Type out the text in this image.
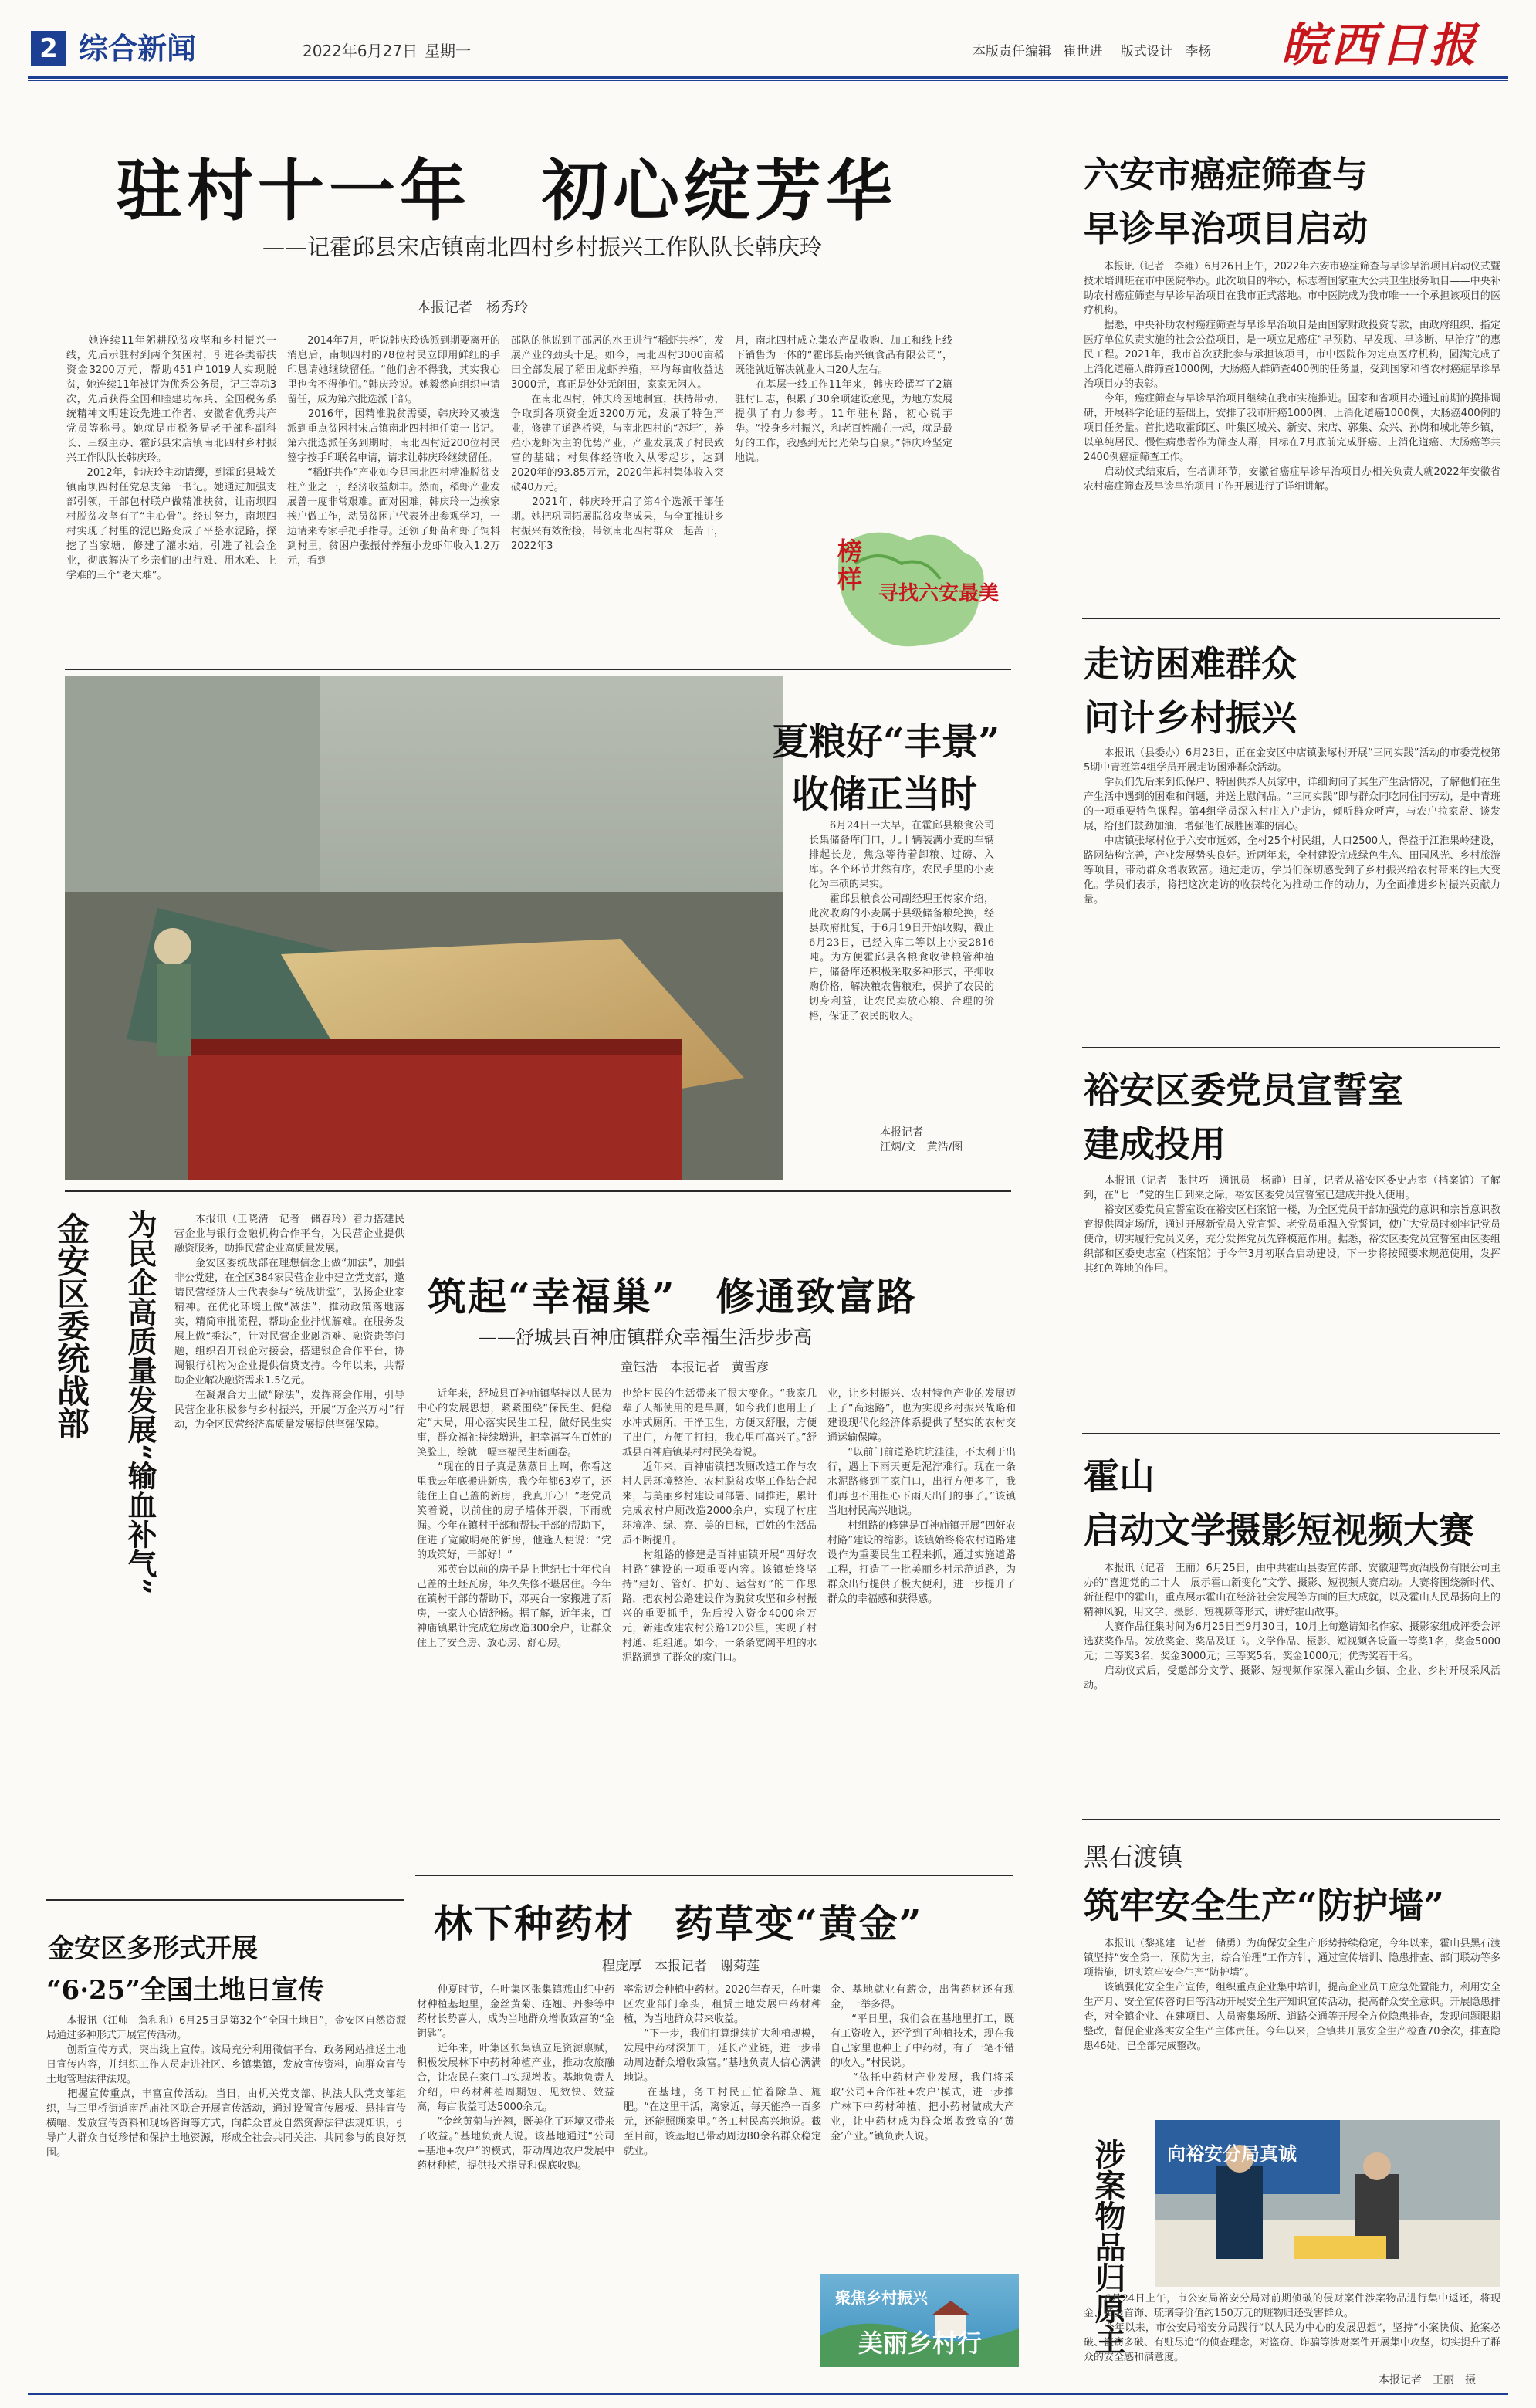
2 综合新闻	2022年6月27日 星期一	本版责任编辑 崔世进 版式设计 李杨 皖西日报
驻村十一年　初心绽芳华
——记霍邱县宋店镇南北四村乡村振兴工作队队长韩庆玲
本报记者　杨秀玲
　　她连续11年躬耕脱贫攻坚和乡村振兴一线，先后示驻村到两个贫困村，引进各类帮扶资金3200万元，帮助451户1019人实现脱贫，她连续11年被评为优秀公务员，记三等功3次，先后获得全国和睦建功标兵、全国税务系统精神文明建设先进工作者、安徽省优秀共产党员等称号。她就是市税务局老干部科副科长、三级主办、霍邱县宋店镇南北四村乡村振兴工作队队长韩庆玲。
　　2012年，韩庆玲主动请缨，到霍邱县城关镇南坝四村任党总支第一书记。她通过加强支部引领，干部包村联户做精准扶贫，让南坝四村脱贫攻坚有了“主心骨”。经过努力，南坝四村实现了村里的泥巴路变成了平整水泥路，探挖了当家塘，修建了灌水站，引进了社会企业，彻底解决了乡亲们的出行难、用水难、上学难的三个“老大难”。
　　2014年7月，听说韩庆玲选派到期要离开的消息后，南坝四村的78位村民立即用鲜红的手印恳请她继续留任。“他们舍不得我，其实我心里也舍不得他们。”韩庆玲说。她毅然向组织申请留任，成为第六批选派干部。
　　2016年，因精准脱贫需要，韩庆玲又被选派到重点贫困村宋店镇南北四村担任第一书记。第六批选派任务到期时，南北四村近200位村民签字按手印联名申请，请求让韩庆玲继续留任。
　　“稻虾共作”产业如今是南北四村精准脱贫支柱产业之一，经济收益颇丰。然而，稻虾产业发展曾一度非常艰难。面对困难，韩庆玲一边挨家挨户做工作，动员贫困户代表外出参观学习，一边请来专家手把手指导。还领了虾苗和虾子饲料到村里，贫困户张振付养殖小龙虾年收入1.2万元，看到
邵队的他说到了邵居的水田进行“稻虾共养”，发展产业的劲头十足。如今，南北四村3000亩稻田全部发展了稻田龙虾养殖，平均每亩收益达3000元，真正是处处无闲田，家家无闲人。
　　在南北四村，韩庆玲因地制宜，扶持带动、争取到各项资金近3200万元，发展了特色产业，修建了道路桥梁，与南北四村的“苏圩”，养殖小龙虾为主的优势产业，产业发展成了村民致富的基础；村集体经济收入从零起步，达到2020年的93.85万元，2020年起村集体收入突破40万元。
　　2021年，韩庆玲开启了第4个选派干部任期。她把巩固拓展脱贫攻坚成果，与全面推进乡村振兴有效衔接，带领南北四村群众一起苦干，2022年3
月，南北四村成立集农产品收购、加工和线上线下销售为一体的“霍邱县南兴镇食品有限公司”，既能就近解决就业人口20人左右。
　　在基层一线工作11年来，韩庆玲撰写了2篇驻村日志，积累了30余项建设意见，为地方发展提供了有力参考。11年驻村路，初心锐芋华。“投身乡村振兴，和老百姓融在一起，就是最好的工作，我感到无比光荣与自豪。”韩庆玲坚定地说。
榜样 寻找六安最美
夏粮好“丰景”
收储正当时
　　6月24日一大早，在霍邱县粮食公司长集储备库门口，几十辆装满小麦的车辆排起长龙，焦急等待着卸粮、过磅、入库。各个环节井然有序，农民手里的小麦化为丰硕的果实。
　　霍邱县粮食公司副经理王传家介绍，此次收购的小麦属于县级储备粮轮换，经县政府批复，于6月19日开始收购，截止6月23日，已经入库二等以上小麦2816吨。为方便霍邱县各粮食收储粮管种植户，储备库还积极采取多种形式，平抑收购价格，解决粮农售粮难，保护了农民的切身利益，让农民卖放心粮、合理的价格，保证了农民的收入。
本报记者
汪炳/文　黄浩/图
金安区委统战部 为民企高质量发展“输血补气”	　　本报讯（王晓清　记者　储春玲）着力搭建民营企业与银行金融机构合作平台，为民营企业提供融资服务，助推民营企业高质量发展。
　　金安区委统战部在理想信念上做“加法”，加强非公党建，在全区384家民营企业中建立党支部，邀请民营经济人士代表参与“统战讲堂”，弘扬企业家精神。在优化环境上做“减法”，推动政策落地落实，精简审批流程，帮助企业排忧解难。在服务发展上做“乘法”，针对民营企业融资难、融资贵等问题，组织召开银企对接会，搭建银企合作平台，协调银行机构为企业提供信贷支持。今年以来，共帮助企业解决融资需求1.5亿元。
　　在凝聚合力上做“除法”，发挥商会作用，引导民营企业积极参与乡村振兴，开展“万企兴万村”行动，为全区民营经济高质量发展提供坚强保障。
金安区多形式开展
“6·25”全国土地日宣传
　　本报讯（江帅　詹和和）6月25日是第32个“全国土地日”，金安区自然资源局通过多种形式开展宣传活动。
　　创新宣传方式，突出线上宣传。该局充分利用微信平台、政务网站推送土地日宣传内容，并组织工作人员走进社区、乡镇集镇，发放宣传资料，向群众宣传土地管理法律法规。
　　把握宣传重点，丰富宣传活动。当日，由机关党支部、执法大队党支部组织，与三里桥街道南岳庙社区联合开展宣传活动，通过设置宣传展板、悬挂宣传横幅、发放宣传资料和现场咨询等方式，向群众普及自然资源法律法规知识，引导广大群众自觉珍惜和保护土地资源，形成全社会共同关注、共同参与的良好氛围。
筑起“幸福巢”　修通致富路
——舒城县百神庙镇群众幸福生活步步高
童钰浩　本报记者　黄雪彦
　　近年来，舒城县百神庙镇坚持以人民为中心的发展思想，紧紧围绕“保民生、促稳定”大局，用心落实民生工程，做好民生实事，群众福祉持续增进，把幸福写在百姓的笑脸上，绘就一幅幸福民生新画卷。
　　“现在的日子真是蒸蒸日上啊，你看这里我去年底搬进新房，我今年都63岁了，还能住上自己盖的新房，我真开心！”老党员笑着说，以前住的房子墙体开裂，下雨就漏。今年在镇村干部和帮扶干部的帮助下，住进了宽敞明亮的新房，他逢人便说：“党的政策好，干部好！”
　　邓英台以前的房子是上世纪七十年代自己盖的土坯瓦房，年久失修不堪居住。今年在镇村干部的帮助下，邓英台一家搬进了新房，一家人心情舒畅。据了解，近年来，百神庙镇累计完成危房改造300余户，让群众住上了安全房、放心房、舒心房。
也给村民的生活带来了很大变化。“我家几辈子人都使用的是旱厕，如今我们也用上了水冲式厕所，干净卫生，方便又舒服，方便了出门，方便了打扫，我心里可高兴了。”舒城县百神庙镇某村村民笑着说。
　　近年来，百神庙镇把改厕改造工作与农村人居环境整治、农村脱贫攻坚工作结合起来，与美丽乡村建设同部署、同推进，累计完成农村户厕改造2000余户，实现了村庄环境净、绿、亮、美的目标，百姓的生活品质不断提升。
　　村组路的修建是百神庙镇开展“四好农村路”建设的一项重要内容。该镇始终坚持“建好、管好、护好、运营好”的工作思路，把农村公路建设作为脱贫攻坚和乡村振兴的重要抓手，先后投入资金4000余万元，新建改建农村公路120公里，实现了村村通、组组通。如今，一条条宽阔平坦的水泥路通到了群众的家门口。
业，让乡村振兴、农村特色产业的发展迈上了“高速路”，也为实现乡村振兴战略和建设现代化经济体系提供了坚实的农村交通运输保障。
　　“以前门前道路坑坑洼洼，不太利于出行，遇上下雨天更是泥泞难行。现在一条水泥路修到了家门口，出行方便多了，我们再也不用担心下雨天出门的事了。”该镇当地村民高兴地说。
　　村组路的修建是百神庙镇开展“四好农村路”建设的缩影。该镇始终将农村道路建设作为重要民生工程来抓，通过实施道路工程，打造了一批美丽乡村示范道路，为群众出行提供了极大便利，进一步提升了群众的幸福感和获得感。
林下种药材　药草变“黄金”
程庞厚　本报记者　谢菊莲
　　仲夏时节，在叶集区张集镇燕山红中药材种植基地里，金丝黄菊、连翘、丹参等中药材长势喜人，成为当地群众增收致富的“金钥匙”。
　　近年来，叶集区张集镇立足资源禀赋，积极发展林下中药材种植产业，推动农旅融合，让农民在家门口实现增收。基地负责人介绍，中药材种植周期短、见效快、效益高，每亩收益可达5000余元。
　　“金丝黄菊与连翘，既美化了环境又带来了收益。”基地负责人说。该基地通过“公司+基地+农户”的模式，带动周边农户发展中药材种植，提供技术指导和保底收购。
率常迈会种植中药材。2020年春天，在叶集区农业部门牵头，租赁土地发展中药材种植，为当地群众带来收益。
　　“下一步，我们打算继续扩大种植规模，发展中药材深加工，延长产业链，进一步带动周边群众增收致富。”基地负责人信心满满地说。
　　在基地，务工村民正忙着除草、施肥。“在这里干活，离家近，每天能挣一百多元，还能照顾家里。”务工村民高兴地说。截至目前，该基地已带动周边80余名群众稳定就业。
金、基地就业有薪金，出售药材还有现金，一举多得。
　　“平日里，我们会在基地里打工，既有工资收入，还学到了种植技术，现在我自己家里也种上了中药材，有了一笔不错的收入。”村民说。
　　“依托中药材产业发展，我们将采取‘公司+合作社+农户’模式，进一步推广林下中药材种植，把小药材做成大产业，让中药材成为群众增收致富的‘黄金’产业。”镇负责人说。
聚焦乡村振兴
美丽乡村行
六安市癌症筛查与
早诊早治项目启动
　　本报讯（记者　李雍）6月26日上午，2022年六安市癌症筛查与早诊早治项目启动仪式暨技术培训班在市中医院举办。此次项目的举办，标志着国家重大公共卫生服务项目——中央补助农村癌症筛查与早诊早治项目在我市正式落地。市中医院成为我市唯一一个承担该项目的医疗机构。
　　据悉，中央补助农村癌症筛查与早诊早治项目是由国家财政投资专款，由政府组织、指定医疗单位负责实施的社会公益项目，是一项立足癌症“早预防、早发现、早诊断、早治疗”的惠民工程。2021年，我市首次获批参与承担该项目，市中医院作为定点医疗机构，圆满完成了上消化道癌人群筛查1000例，大肠癌人群筛查400例的任务量，受到国家和省农村癌症早诊早治项目办的表彰。
　　今年，癌症筛查与早诊早治项目继续在我市实施推进。国家和省项目办通过前期的摸排调研，开展科学论证的基础上，安排了我市肝癌1000例，上消化道癌1000例，大肠癌400例的项目任务量。首批选取霍邱区、叶集区城关、新安、宋店、郭集、众兴、孙岗和城北等乡镇，以单纯居民、慢性病患者作为筛查人群，目标在7月底前完成肝癌、上消化道癌、大肠癌等共2400例癌症筛查工作。
　　启动仪式结束后，在培训环节，安徽省癌症早诊早治项目办相关负责人就2022年安徽省农村癌症筛查及早诊早治项目工作开展进行了详细讲解。
走访困难群众
问计乡村振兴
　　本报讯（县委办）6月23日，正在金安区中店镇张塚村开展“三同实践”活动的市委党校第5期中青班第4组学员开展走访困难群众活动。
　　学员们先后来到低保户、特困供养人员家中，详细询问了其生产生活情况，了解他们在生产生活中遇到的困难和问题，并送上慰问品。“三同实践”即与群众同吃同住同劳动，是中青班的一项重要特色课程。第4组学员深入村庄入户走访，倾听群众呼声，与农户拉家常、谈发展，给他们鼓劲加油，增强他们战胜困难的信心。
　　中店镇张塚村位于六安市远郊，全村25个村民组，人口2500人，得益于江淮果岭建设，路网结构完善，产业发展势头良好。近两年来，全村建设完成绿色生态、田园风光、乡村旅游等项目，带动群众增收致富。通过走访，学员们深切感受到了乡村振兴给农村带来的巨大变化。学员们表示，将把这次走访的收获转化为推动工作的动力，为全面推进乡村振兴贡献力量。
裕安区委党员宣誓室
建成投用
　　本报讯（记者　张世巧　通讯员　杨静）日前，记者从裕安区委史志室（档案馆）了解到，在“七一”党的生日到来之际，裕安区委党员宣誓室已建成并投入使用。
　　裕安区委党员宣誓室设在裕安区档案馆一楼，为全区党员干部加强党的意识和宗旨意识教育提供固定场所，通过开展新党员入党宣誓、老党员重温入党誓词，使广大党员时刻牢记党员使命，切实履行党员义务，充分发挥党员先锋模范作用。据悉，裕安区委党员宣誓室由区委组织部和区委史志室（档案馆）于今年3月初联合启动建设，下一步将按照要求规范使用，发挥其红色阵地的作用。
霍山
启动文学摄影短视频大赛
　　本报讯（记者　王丽）6月25日，由中共霍山县委宣传部、安徽迎驾贡酒股份有限公司主办的“喜迎党的二十大　展示霍山新变化”文学、摄影、短视频大赛启动。大赛将围绕新时代、新征程中的霍山，重点展示霍山在经济社会发展等方面的巨大成就，以及霍山人民昂扬向上的精神风貌，用文学、摄影、短视频等形式，讲好霍山故事。
　　大赛作品征集时间为6月25日至9月30日，10月上旬邀请知名作家、摄影家组成评委会评选获奖作品。发放奖金、奖品及证书。文学作品、摄影、短视频各设置一等奖1名，奖金5000元；二等奖3名，奖金3000元；三等奖5名，奖金1000元；优秀奖若干名。
　　启动仪式后，受邀部分文学、摄影、短视频作家深入霍山乡镇、企业、乡村开展采风活动。
黑石渡镇
筑牢安全生产“防护墙”
　　本报讯（黎兆建　记者　储勇）为确保安全生产形势持续稳定，今年以来，霍山县黑石渡镇坚持“安全第一，预防为主，综合治理”工作方针，通过宣传培训、隐患排查、部门联动等多项措施，切实筑牢安全生产“防护墙”。
　　该镇强化安全生产宣传，组织重点企业集中培训，提高企业员工应急处置能力，利用安全生产月、安全宣传咨询日等活动开展安全生产知识宣传活动，提高群众安全意识。开展隐患排查，对全镇企业、在建项目、人员密集场所、道路交通等开展全方位隐患排查，发现问题限期整改，督促企业落实安全生产主体责任。今年以来，全镇共开展安全生产检查70余次，排查隐患46处，已全部完成整改。
涉案物品归原主 向裕安分局真诚
　　6月24日上午，市公安局裕安分局对前期侦破的侵财案件涉案物品进行集中返还，将现金、黄金首饰、琉璃等价值约150万元的赃物归还受害群众。
　　今年以来，市公安局裕安分局践行“以人民为中心的发展思想”，坚持“小案快侦、抢案必破、盗窃多破、有赃尽追”的侦查理念，对盗窃、诈骗等涉财案件开展集中攻坚，切实提升了群众的安全感和满意度。
本报记者　王丽　摄
